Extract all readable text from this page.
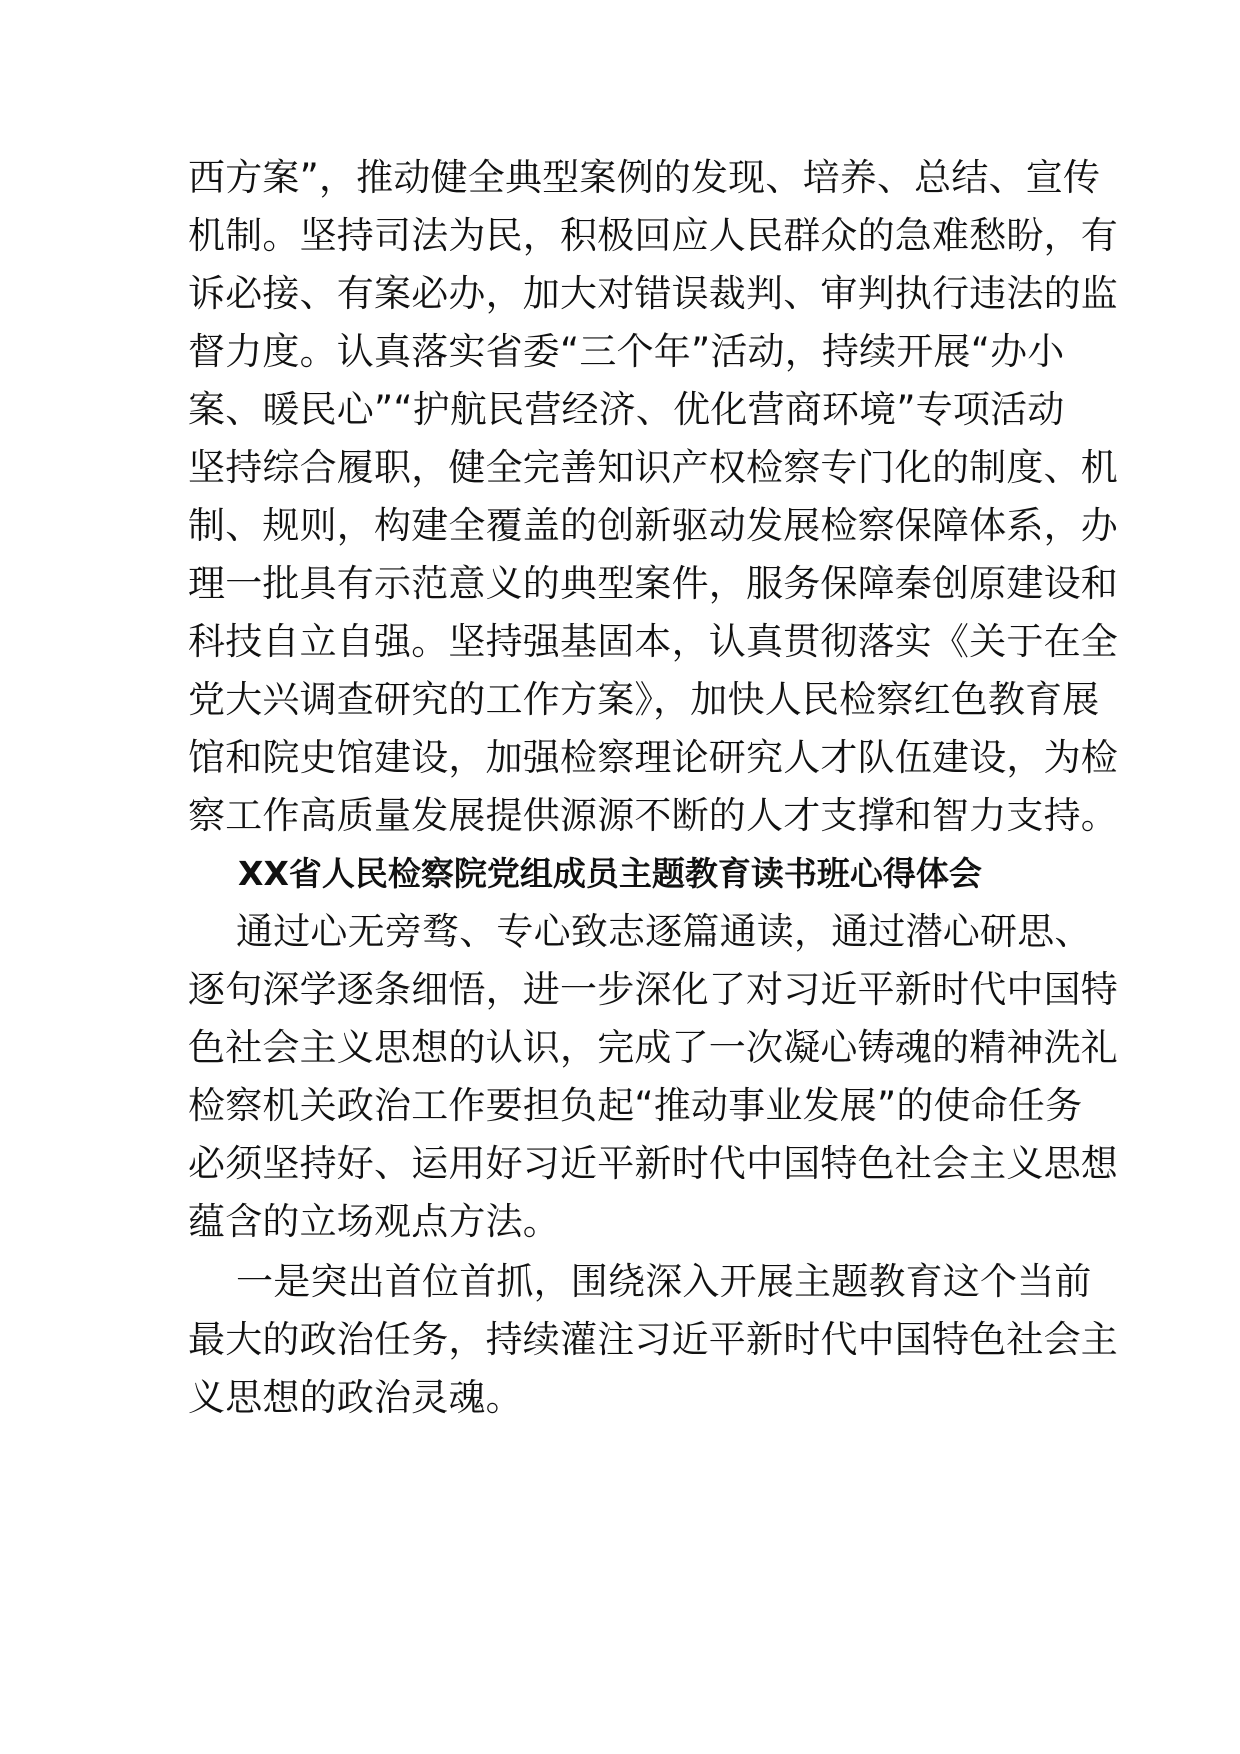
西方案”，推动健全典型案例的发现、培养、总结、宣传
机制。坚持司法为民，积极回应人民群众的急难愁盼，有
诉必接、有案必办，加大对错误裁判、审判执行违法的监
督力度。认真落实省委“三个年”活动，持续开展“办小
案、暖民心”“护航民营经济、优化营商环境”专项活动
坚持综合履职，健全完善知识产权检察专门化的制度、机
制、规则，构建全覆盖的创新驱动发展检察保障体系，办
理一批具有示范意义的典型案件，服务保障秦创原建设和
科技自立自强。坚持强基固本，认真贯彻落实《关于在全
党大兴调查研究的工作方案》，加快人民检察红色教育展
馆和院史馆建设，加强检察理论研究人才队伍建设，为检
察工作高质量发展提供源源不断的人才支撑和智力支持。
XX省人民检察院党组成员主题教育读书班心得体会
通过心无旁骛、专心致志逐篇通读，通过潜心研思、
逐句深学逐条细悟，进一步深化了对习近平新时代中国特
色社会主义思想的认识，完成了一次凝心铸魂的精神洗礼
检察机关政治工作要担负起“推动事业发展”的使命任务
必须坚持好、运用好习近平新时代中国特色社会主义思想
蕴含的立场观点方法。
一是突出首位首抓，围绕深入开展主题教育这个当前
最大的政治任务，持续灌注习近平新时代中国特色社会主
义思想的政治灵魂。
